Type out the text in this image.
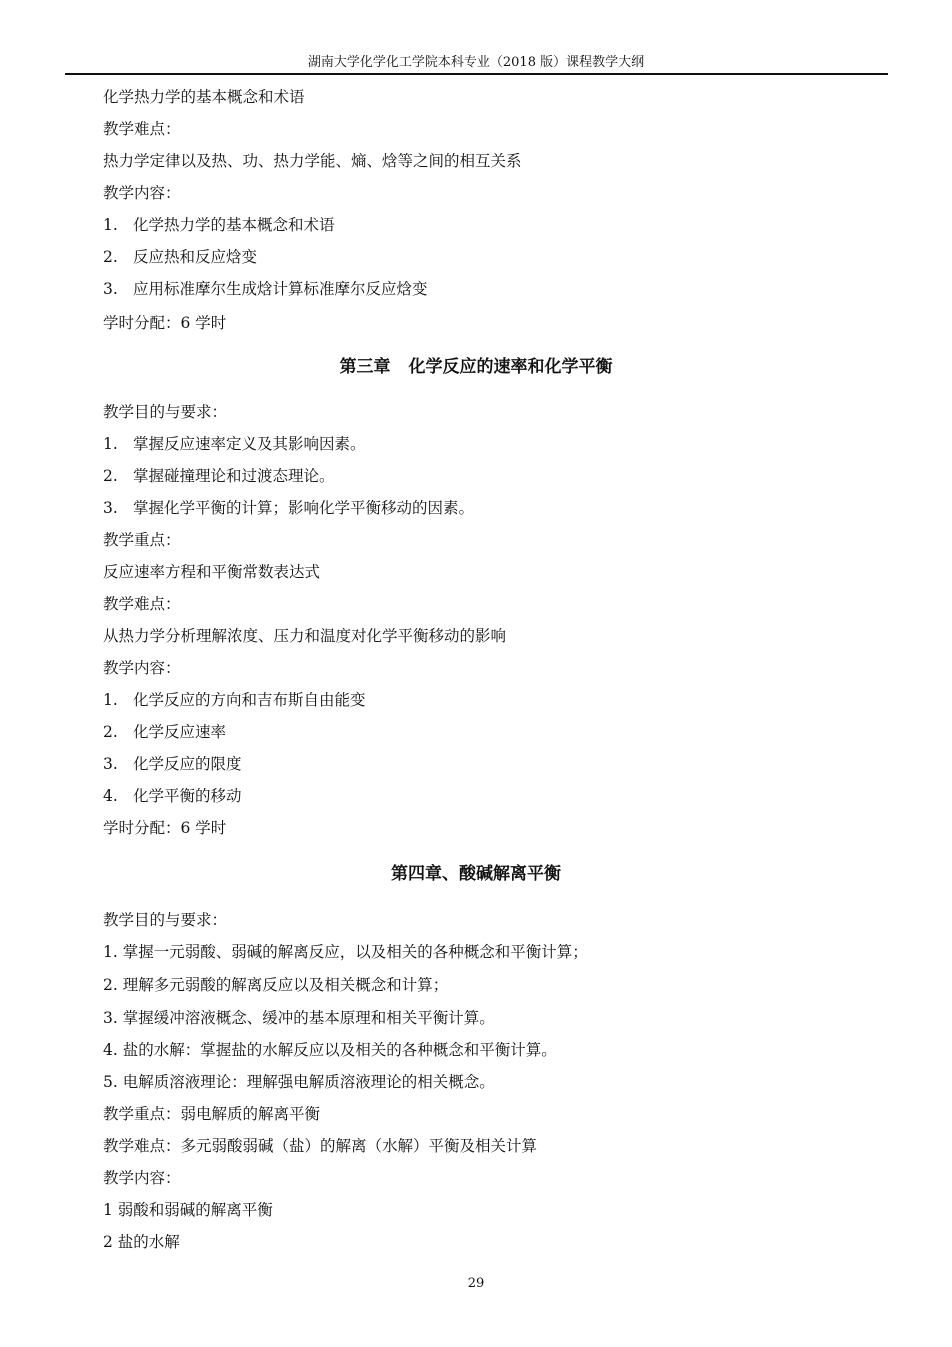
湖南大学化学化工学院本科专业（2018 版）课程教学大纲
化学热力学的基本概念和术语
教学难点：
热力学定律以及热、功、热力学能、熵、焓等之间的相互关系
教学内容：
1. 化学热力学的基本概念和术语
2. 反应热和反应焓变
3. 应用标准摩尔生成焓计算标准摩尔反应焓变
学时分配：6 学时
第三章 化学反应的速率和化学平衡
教学目的与要求：
1. 掌握反应速率定义及其影响因素。
2. 掌握碰撞理论和过渡态理论。
3. 掌握化学平衡的计算；影响化学平衡移动的因素。
教学重点：
反应速率方程和平衡常数表达式
教学难点：
从热力学分析理解浓度、压力和温度对化学平衡移动的影响
教学内容：
1. 化学反应的方向和吉布斯自由能变
2. 化学反应速率
3. 化学反应的限度
4. 化学平衡的移动
学时分配：6 学时
第四章、酸碱解离平衡
教学目的与要求：
1. 掌握一元弱酸、弱碱的解离反应，以及相关的各种概念和平衡计算；
2. 理解多元弱酸的解离反应以及相关概念和计算；
3. 掌握缓冲溶液概念、缓冲的基本原理和相关平衡计算。
4. 盐的水解：掌握盐的水解反应以及相关的各种概念和平衡计算。
5. 电解质溶液理论：理解强电解质溶液理论的相关概念。
教学重点：弱电解质的解离平衡
教学难点：多元弱酸弱碱（盐）的解离（水解）平衡及相关计算
教学内容：
1 弱酸和弱碱的解离平衡
2 盐的水解
29
